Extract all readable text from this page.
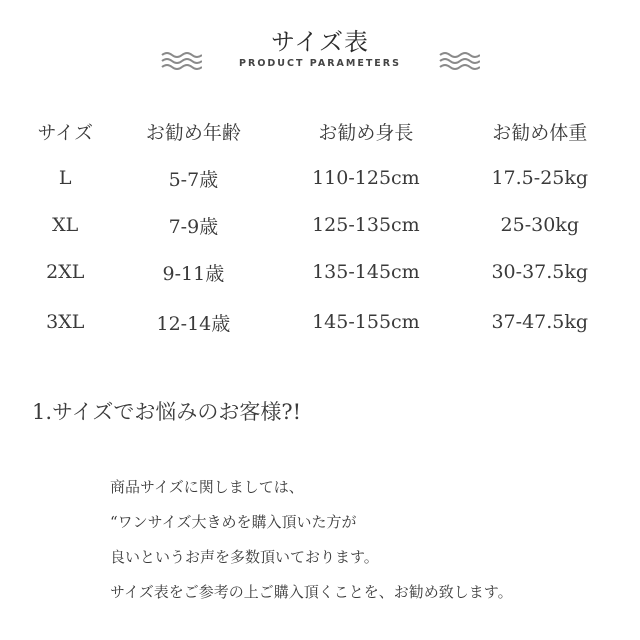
サイズ表
PRODUCT PARAMETERS
サイズ	お勧め年齢	お勧め身長	お勧め体重
L	5-7歳	110-125cm	17.5-25kg
XL	7-9歳	125-135cm	25-30kg
2XL	9-11歳	135-145cm	30-37.5kg
3XL	12-14歳	145-155cm	37-47.5kg
1.サイズでお悩みのお客様?!

商品サイズに関しましては、

“ワンサイズ大きめを購入頂いた方が

良いというお声を多数頂いております。

サイズ表をご参考の上ご購入頂くことを、お勧め致します。
